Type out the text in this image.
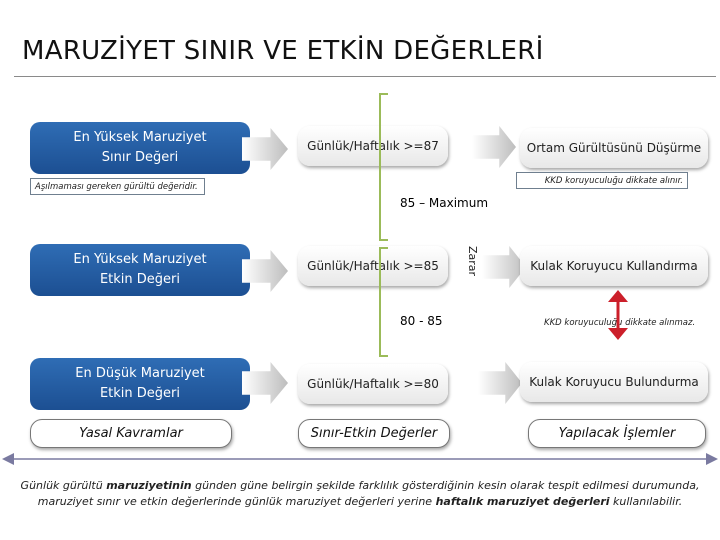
MARUZİYET SINIR VE ETKİN DEĞERLERİ
En Yüksek Maruziyet
Sınır Değeri
Aşılmaması gereken gürültü değeridir.
En Yüksek Maruziyet
Etkin Değeri
En Düşük Maruziyet
Etkin Değeri
Yasal Kavramlar
Günlük/Haftalık >=87
Günlük/Haftalık >=85
Günlük/Haftalık >=80
Sınır-Etkin Değerler
85 – Maximum
80 - 85
Zarar
Ortam Gürültüsünü Düşürme
KKD koruyuculuğu dikkate alınır.
Kulak Koruyucu Kullandırma
KKD koruyuculuğu dikkate alınmaz.
Kulak Koruyucu Bulundurma
Yapılacak İşlemler
Günlük gürültü maruziyetinin günden güne belirgin şekilde farklılık gösterdiğinin kesin olarak tespit edilmesi durumunda, maruziyet sınır ve etkin değerlerinde günlük maruziyet değerleri yerine haftalık maruziyet değerleri kullanılabilir.
